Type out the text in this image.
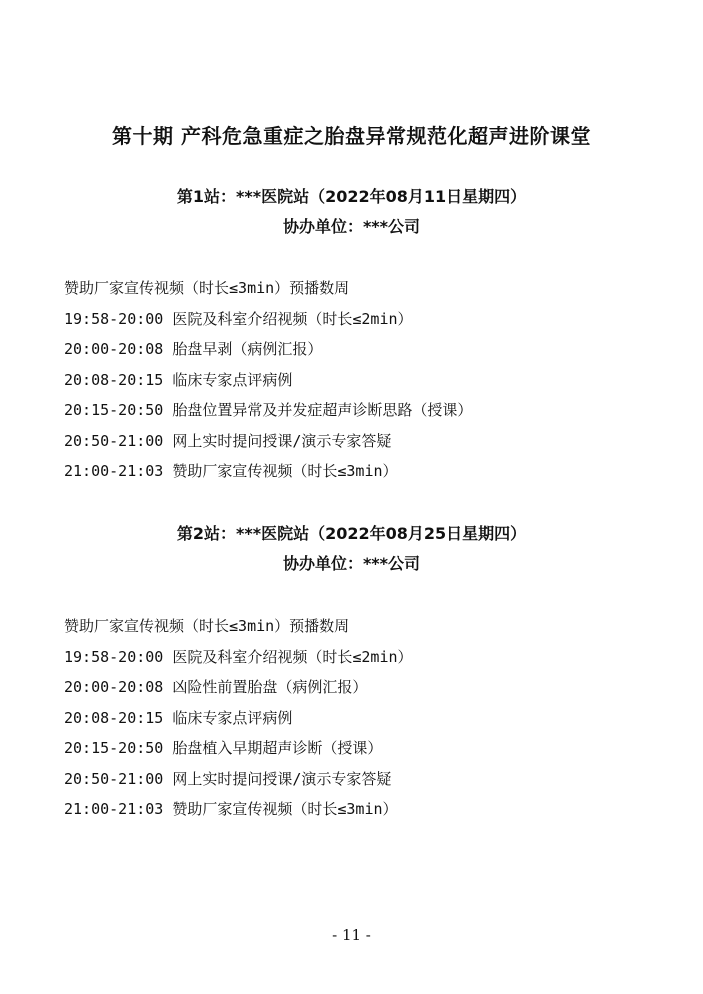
第十期 产科危急重症之胎盘异常规范化超声进阶课堂
第1站：***医院站（2022年08月11日星期四）
协办单位：***公司
赞助厂家宣传视频（时长≤3min）预播数周
19:58-20:00 医院及科室介绍视频（时长≤2min）
20:00-20:08 胎盘早剥（病例汇报）
20:08-20:15 临床专家点评病例
20:15-20:50 胎盘位置异常及并发症超声诊断思路（授课）
20:50-21:00 网上实时提问授课/演示专家答疑
21:00-21:03 赞助厂家宣传视频（时长≤3min）
第2站：***医院站（2022年08月25日星期四）
协办单位：***公司
赞助厂家宣传视频（时长≤3min）预播数周
19:58-20:00 医院及科室介绍视频（时长≤2min）
20:00-20:08 凶险性前置胎盘（病例汇报）
20:08-20:15 临床专家点评病例
20:15-20:50 胎盘植入早期超声诊断（授课）
20:50-21:00 网上实时提问授课/演示专家答疑
21:00-21:03 赞助厂家宣传视频（时长≤3min）
- 11 -
